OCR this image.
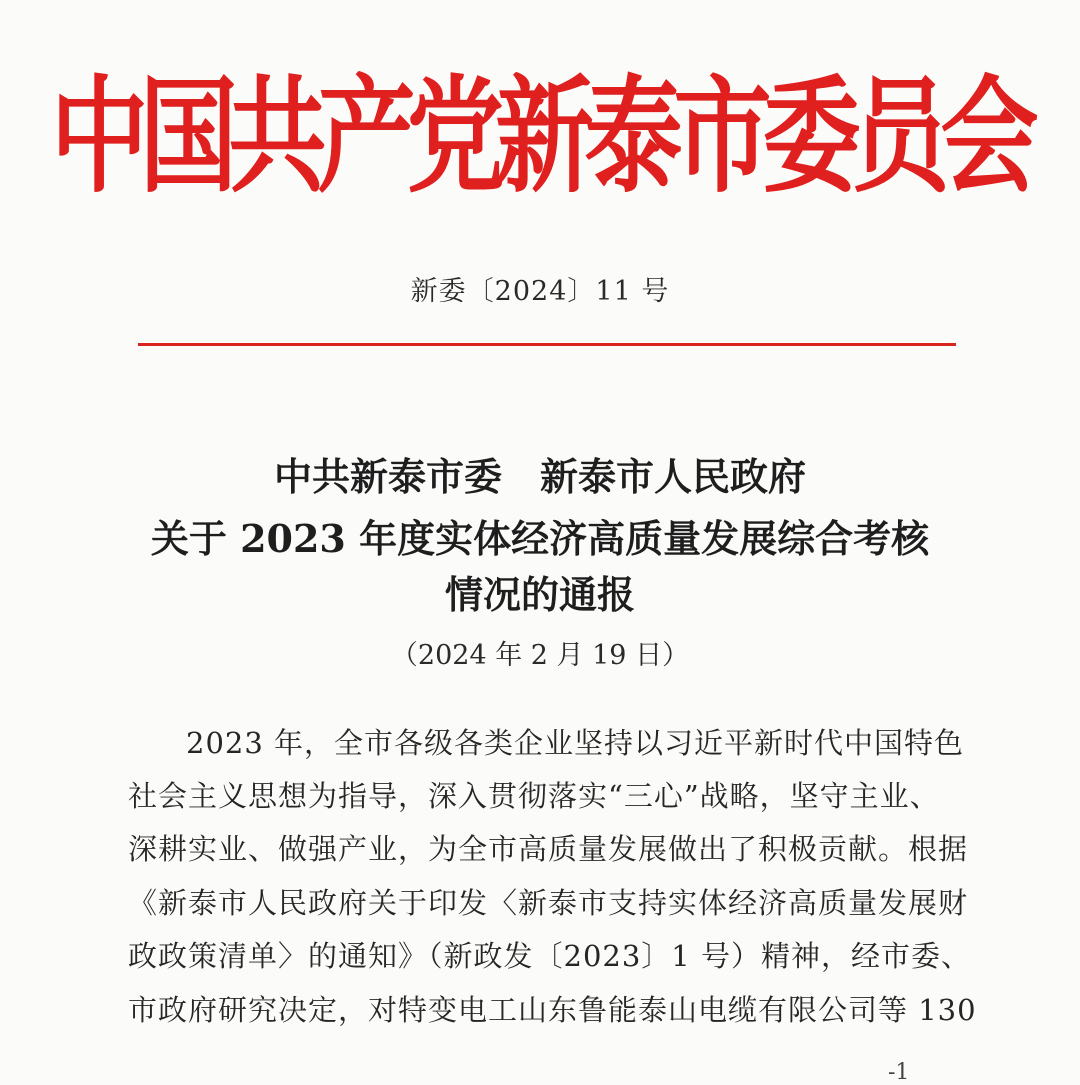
中国共产党新泰市委员会
新委〔2024〕11 号
中共新泰市委　新泰市人民政府
关于 2023 年度实体经济高质量发展综合考核
情况的通报
（2024 年 2 月 19 日）
2023 年，全市各级各类企业坚持以习近平新时代中国特色
社会主义思想为指导，深入贯彻落实“三心”战略，坚守主业、
深耕实业、做强产业，为全市高质量发展做出了积极贡献。根据
《新泰市人民政府关于印发〈新泰市支持实体经济高质量发展财
政政策清单〉的通知》（新政发〔2023〕1 号）精神，经市委、
市政府研究决定，对特变电工山东鲁能泰山电缆有限公司等 130
-1
